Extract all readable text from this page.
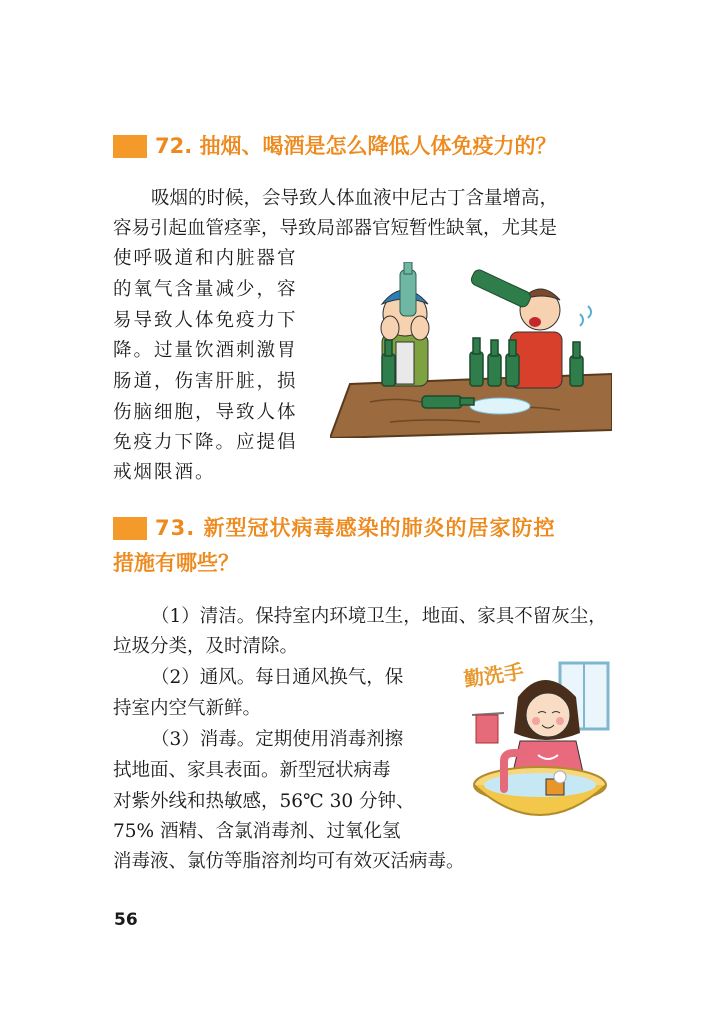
72. 抽烟、喝酒是怎么降低人体免疫力的？
吸烟的时候，会导致人体血液中尼古丁含量增高，
容易引起血管痉挛，导致局部器官短暂性缺氧，尤其是
使呼吸道和内脏器官
的氧气含量减少，容
易导致人体免疫力下
降。过量饮酒刺激胃
肠道，伤害肝脏，损
伤脑细胞，导致人体
免疫力下降。应提倡
戒烟限酒。
73. 新型冠状病毒感染的肺炎的居家防控
措施有哪些？
（1）清洁。保持室内环境卫生，地面、家具不留灰尘，
垃圾分类，及时清除。
（2）通风。每日通风换气，保
持室内空气新鲜。
（3）消毒。定期使用消毒剂擦
拭地面、家具表面。新型冠状病毒
对紫外线和热敏感，56℃ 30 分钟、
75% 酒精、含氯消毒剂、过氧化氢
消毒液、氯仿等脂溶剂均可有效灭活病毒。
勤洗手
56
